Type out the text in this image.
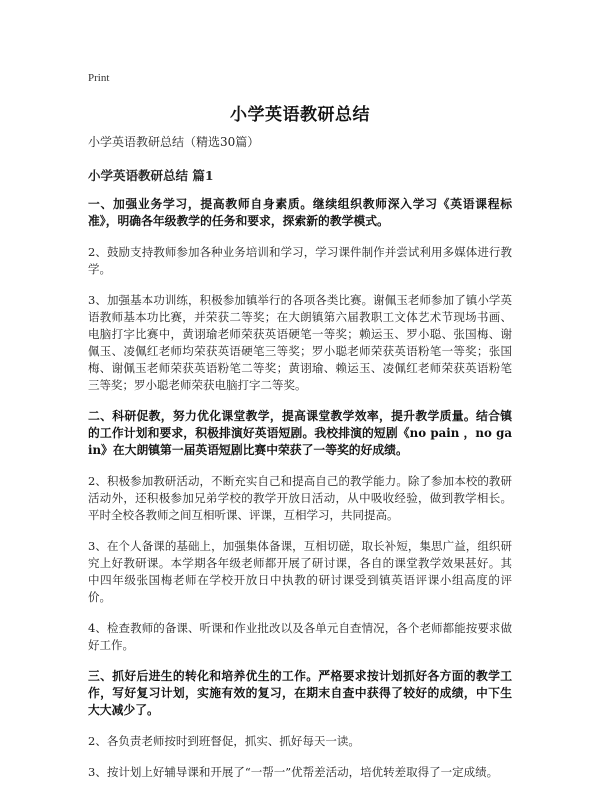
Print
小学英语教研总结
小学英语教研总结（精选30篇）
小学英语教研总结 篇1
一、加强业务学习，提高教师自身素质。继续组织教师深入学习《英语课程标准》，明确各年级教学的任务和要求，探索新的教学模式。
2、鼓励支持教师参加各种业务培训和学习，学习课件制作并尝试利用多媒体进行教学。
3、加强基本功训练，积极参加镇举行的各项各类比赛。谢佩玉老师参加了镇小学英语教师基本功比赛，并荣获二等奖；在大朗镇第六届教职工文体艺术节现场书画、电脑打字比赛中，黄诩瑜老师荣获英语硬笔一等奖；赖运玉、罗小聪、张国梅、谢佩玉、凌佩红老师均荣获英语硬笔三等奖；罗小聪老师荣获英语粉笔一等奖；张国梅、谢佩玉老师荣获英语粉笔二等奖；黄诩瑜、赖运玉、凌佩红老师荣获英语粉笔三等奖；罗小聪老师荣获电脑打字二等奖。
二、科研促教，努力优化课堂教学，提高课堂教学效率，提升教学质量。结合镇的工作计划和要求，积极排演好英语短剧。我校排演的短剧《no pain ，no gain》在大朗镇第一届英语短剧比赛中荣获了一等奖的好成绩。
2、积极参加教研活动，不断充实自己和提高自己的教学能力。除了参加本校的教研活动外，还积极参加兄弟学校的教学开放日活动，从中吸收经验，做到教学相长。平时全校各教师之间互相听课、评课，互相学习，共同提高。
3、在个人备课的基础上，加强集体备课，互相切磋，取长补短，集思广益，组织研究上好教研课。本学期各年级老师都开展了研讨课，各自的课堂教学效果甚好。其中四年级张国梅老师在学校开放日中执教的研讨课受到镇英语评课小组高度的评价。
4、检查教师的备课、听课和作业批改以及各单元自查情况，各个老师都能按要求做好工作。
三、抓好后进生的转化和培养优生的工作。严格要求按计划抓好各方面的教学工作，写好复习计划，实施有效的复习，在期末自查中获得了较好的成绩，中下生大大减少了。
2、各负责老师按时到班督促，抓实、抓好每天一读。
3、按计划上好辅导课和开展了“一帮一”优帮差活动，培优转差取得了一定成绩。
